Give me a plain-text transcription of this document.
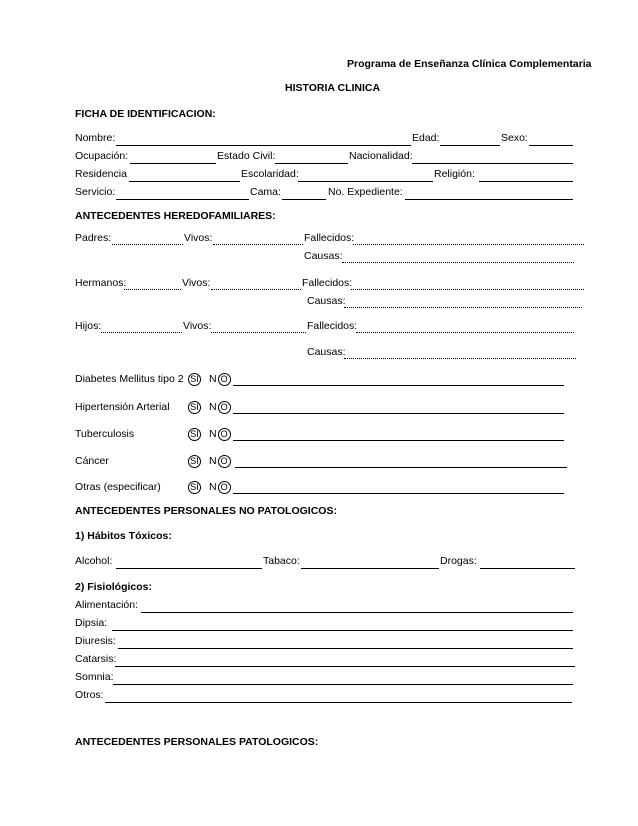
Programa de Enseñanza Clínica Complementaria
HISTORIA CLINICA
FICHA DE IDENTIFICACION:
Nombre:	Edad:	Sexo:
Ocupación:	Estado Civil:	Nacionalidad:
Residencia	Escolaridad:	Religión:
Servicio:	Cama:	No. Expediente:
ANTECEDENTES HEREDOFAMILIARES:
Padres:	Vivos:	Fallecidos:
Causas:
Hermanos:	Vivos:	Fallecidos:
Causas:
Hijos:	Vivos:	Fallecidos:
Causas:
Diabetes Mellitus tipo 2 SI N O
Hipertensión Arterial SI N O
Tuberculosis	SI N O
Cáncer	SI N O
Otras (especificar)	SI N O
ANTECEDENTES PERSONALES NO PATOLOGICOS:
1) Hábitos Tóxicos:
Alcohol:	Tabaco:	Drogas:
2) Fisiológicos:
Alimentación:
Dipsia:
Diuresis:
Catarsis:
Somnia:
Otros:
ANTECEDENTES PERSONALES PATOLOGICOS:
